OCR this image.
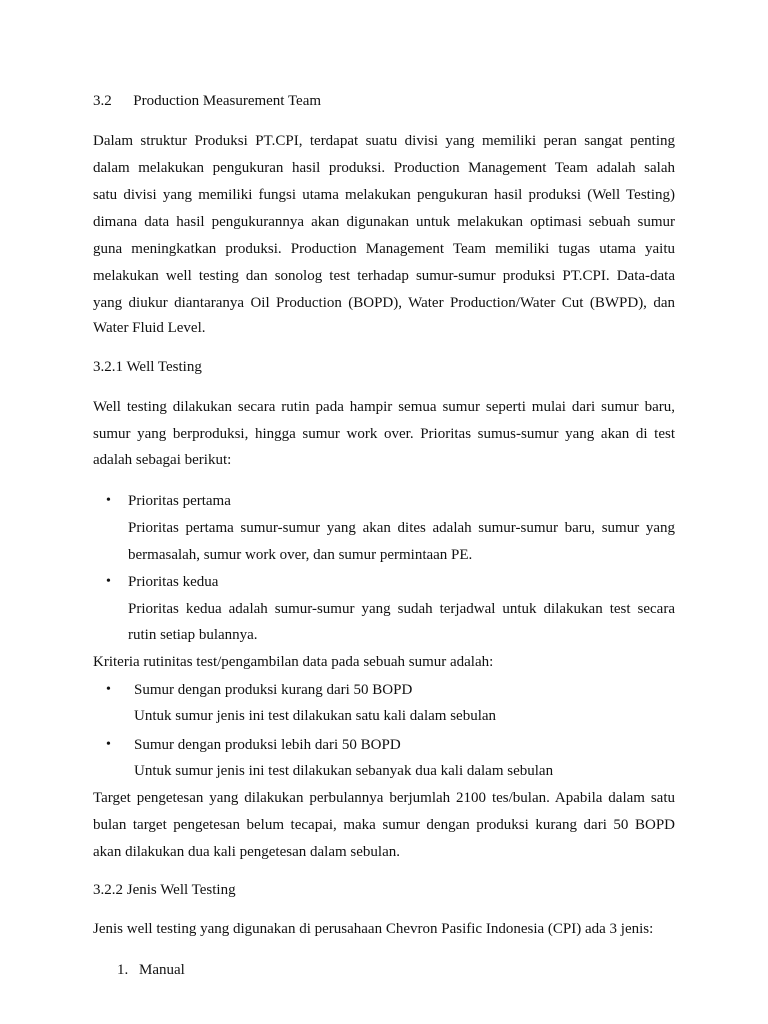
3.2 Production Measurement Team
Dalam struktur Produksi PT.CPI, terdapat suatu divisi yang memiliki peran sangat penting
dalam melakukan pengukuran hasil produksi. Production Management Team adalah salah
satu divisi yang memiliki fungsi utama melakukan pengukuran hasil produksi (Well Testing)
dimana data hasil pengukurannya akan digunakan untuk melakukan optimasi sebuah sumur
guna meningkatkan produksi. Production Management Team memiliki tugas utama yaitu
melakukan well testing dan sonolog test terhadap sumur-sumur produksi PT.CPI. Data-data
yang diukur diantaranya Oil Production (BOPD), Water Production/Water Cut (BWPD), dan
Water Fluid Level.
3.2.1 Well Testing
Well testing dilakukan secara rutin pada hampir semua sumur seperti mulai dari sumur baru,
sumur yang berproduksi, hingga sumur work over. Prioritas sumus-sumur yang akan di test
adalah sebagai berikut:
• Prioritas pertama
Prioritas pertama sumur-sumur yang akan dites adalah sumur-sumur baru, sumur yang
bermasalah, sumur work over, dan sumur permintaan PE.
• Prioritas kedua
Prioritas kedua adalah sumur-sumur yang sudah terjadwal untuk dilakukan test secara
rutin setiap bulannya.
Kriteria rutinitas test/pengambilan data pada sebuah sumur adalah:
• Sumur dengan produksi kurang dari 50 BOPD
Untuk sumur jenis ini test dilakukan satu kali dalam sebulan
• Sumur dengan produksi lebih dari 50 BOPD
Untuk sumur jenis ini test dilakukan sebanyak dua kali dalam sebulan
Target pengetesan yang dilakukan perbulannya berjumlah 2100 tes/bulan. Apabila dalam satu
bulan target pengetesan belum tecapai, maka sumur dengan produksi kurang dari 50 BOPD
akan dilakukan dua kali pengetesan dalam sebulan.
3.2.2 Jenis Well Testing
Jenis well testing yang digunakan di perusahaan Chevron Pasific Indonesia (CPI) ada 3 jenis:
1. Manual
